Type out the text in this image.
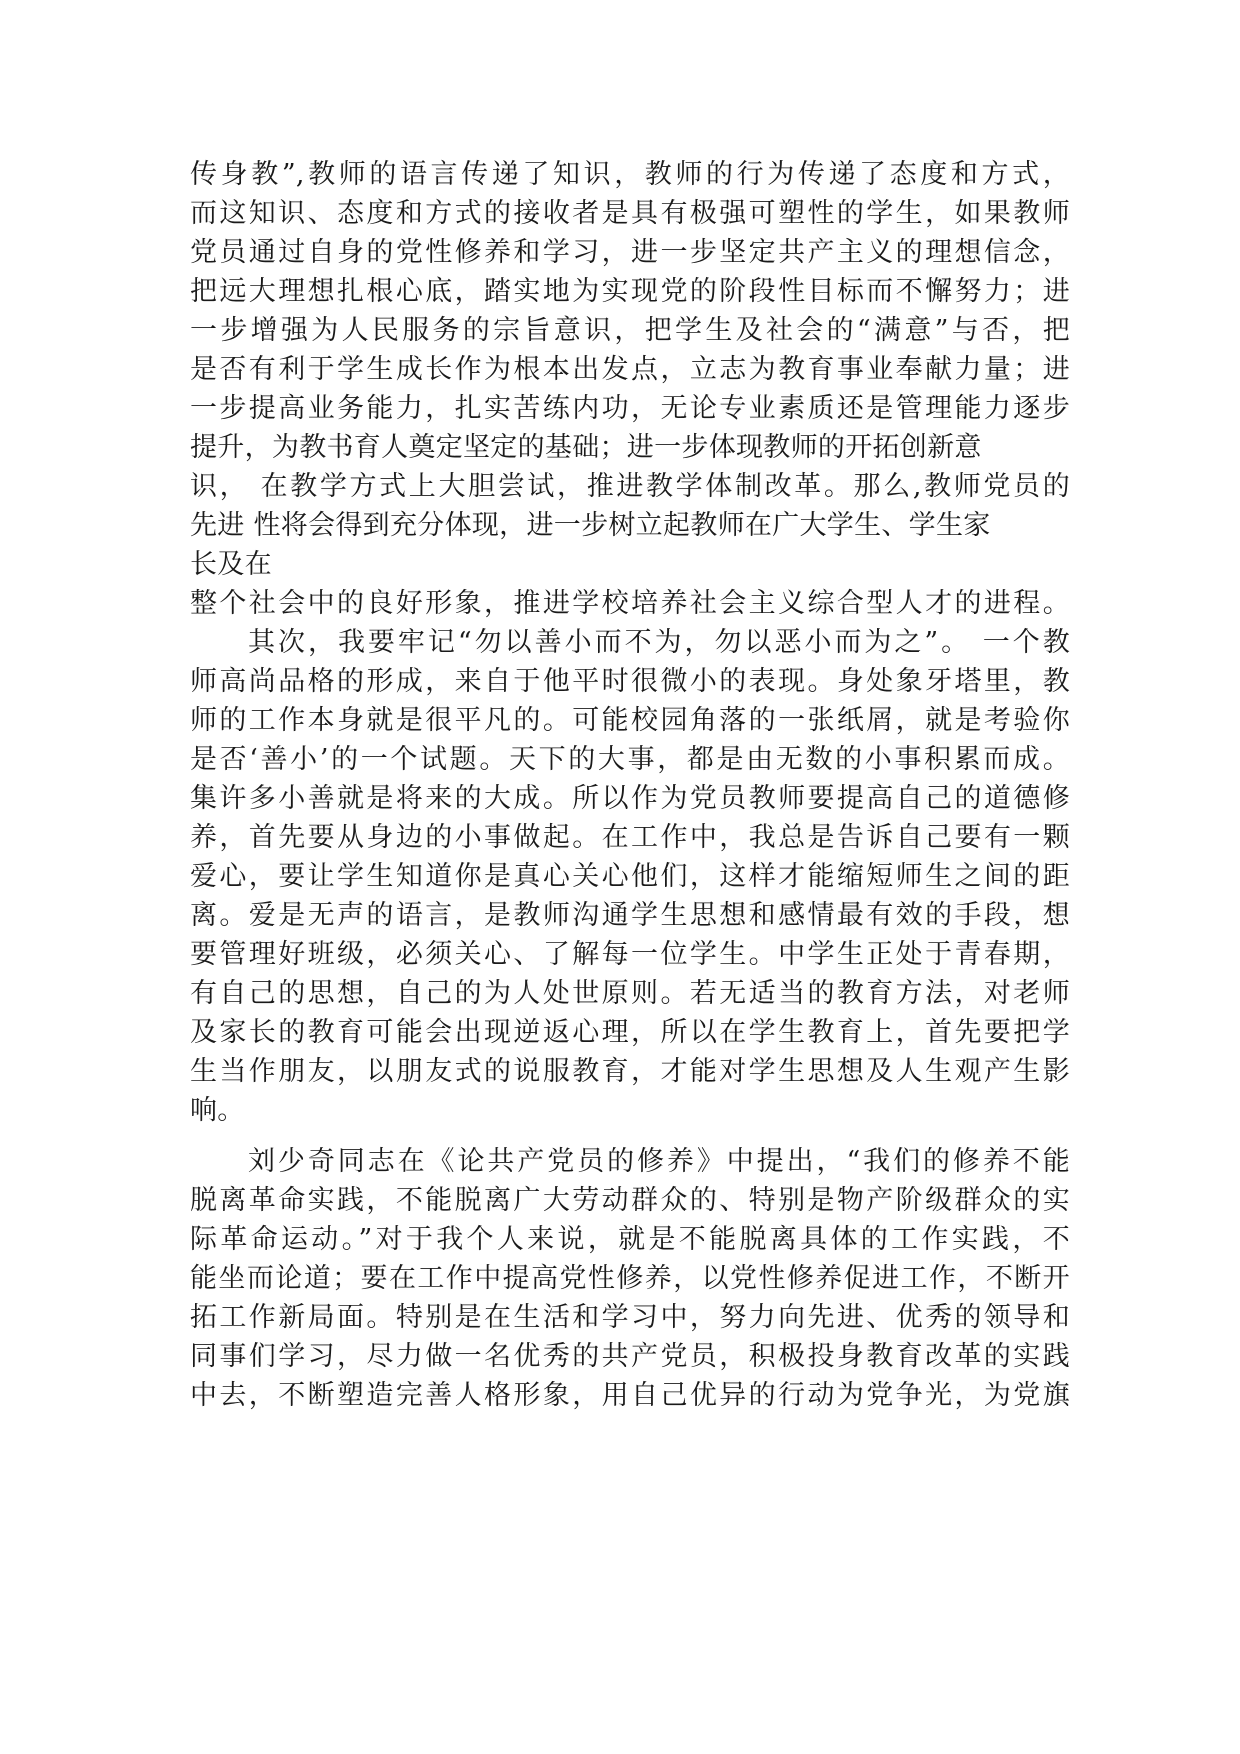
传身教”,教师的语言传递了知识，教师的行为传递了态度和方式，
而这知识、态度和方式的接收者是具有极强可塑性的学生，如果教师
党员通过自身的党性修养和学习，进一步坚定共产主义的理想信念，
把远大理想扎根心底，踏实地为实现党的阶段性目标而不懈努力；进
一步增强为人民服务的宗旨意识，把学生及社会的“满意”与否，把
是否有利于学生成长作为根本出发点，立志为教育事业奉献力量；进
一步提高业务能力，扎实苦练内功，无论专业素质还是管理能力逐步
提升，为教书育人奠定坚定的基础；进一步体现教师的开拓创新意
识， 在教学方式上大胆尝试，推进教学体制改革。那么,教师党员的
先进 性将会得到充分体现，进一步树立起教师在广大学生、学生家
长及在
整个社会中的良好形象，推进学校培养社会主义综合型人才的进程。
其次，我要牢记“勿以善小而不为，勿以恶小而为之”。 一个教
师高尚品格的形成，来自于他平时很微小的表现。身处象牙塔里，教
师的工作本身就是很平凡的。可能校园角落的一张纸屑，就是考验你
是否‘善小’的一个试题。天下的大事，都是由无数的小事积累而成。
集许多小善就是将来的大成。所以作为党员教师要提高自己的道德修
养，首先要从身边的小事做起。在工作中，我总是告诉自己要有一颗
爱心，要让学生知道你是真心关心他们，这样才能缩短师生之间的距
离。爱是无声的语言，是教师沟通学生思想和感情最有效的手段，想
要管理好班级，必须关心、了解每一位学生。中学生正处于青春期，
有自己的思想，自己的为人处世原则。若无适当的教育方法，对老师
及家长的教育可能会出现逆返心理，所以在学生教育上，首先要把学
生当作朋友，以朋友式的说服教育，才能对学生思想及人生观产生影
响。
刘少奇同志在《论共产党员的修养》中提出，“我们的修养不能
脱离革命实践，不能脱离广大劳动群众的、特别是物产阶级群众的实
际革命运动。”对于我个人来说，就是不能脱离具体的工作实践，不
能坐而论道；要在工作中提高党性修养，以党性修养促进工作，不断开
拓工作新局面。特别是在生活和学习中，努力向先进、优秀的领导和
同事们学习，尽力做一名优秀的共产党员，积极投身教育改革的实践
中去，不断塑造完善人格形象，用自己优异的行动为党争光，为党旗
